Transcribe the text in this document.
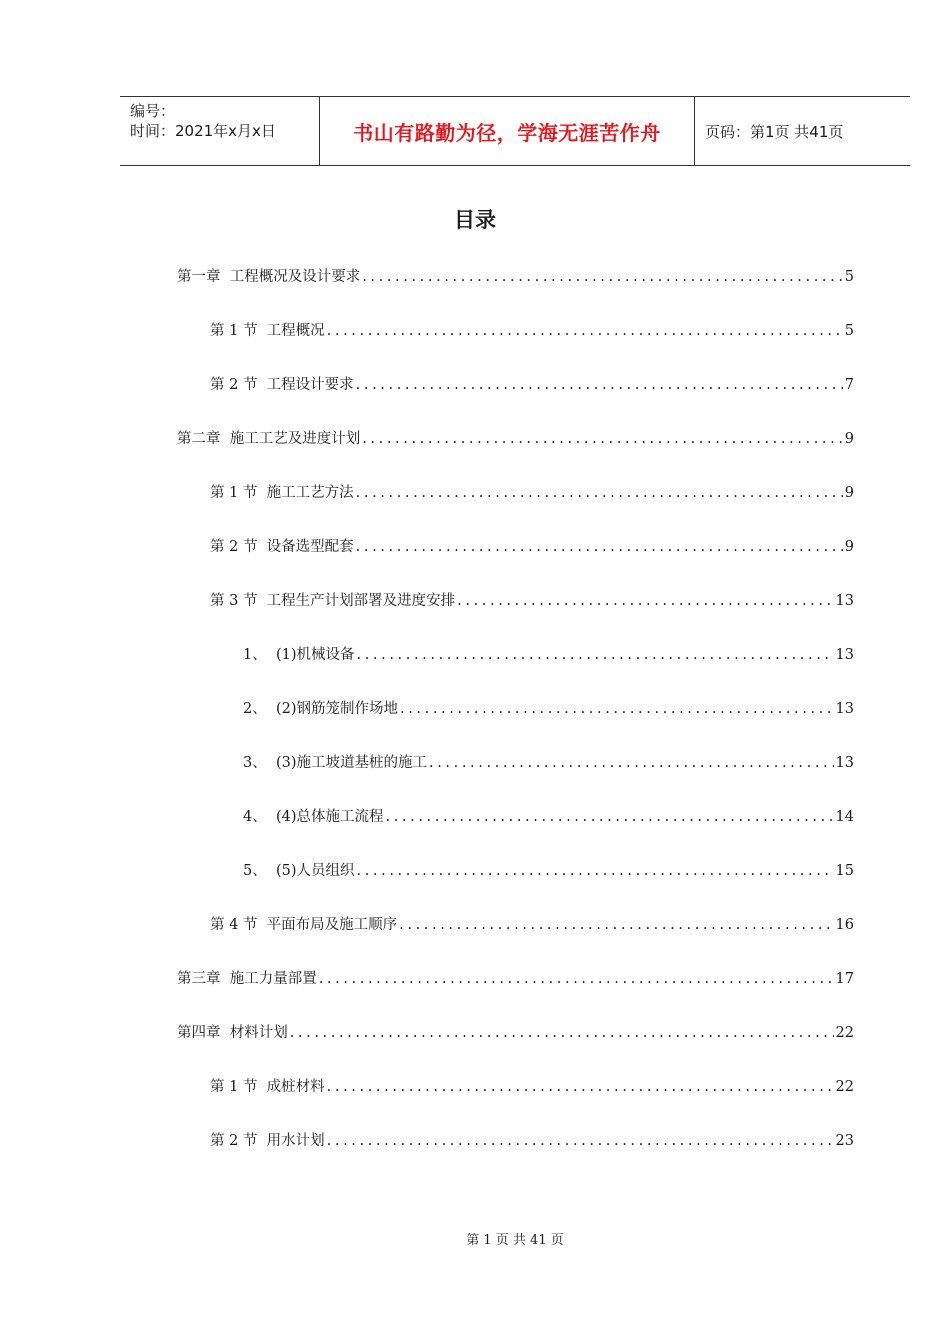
编号：
时间：2021年x月x日	书山有路勤为径，学海无涯苦作舟	页码：第1页 共41页
目录
第一章  工程概况及设计要求 .....	5
第 1 节  工程概况 .....	5
第 2 节  工程设计要求 .....	7
第二章  施工工艺及进度计划 .....	9
第 1 节  施工工艺方法 .....	9
第 2 节  设备选型配套 .....	9
第 3 节  工程生产计划部署及进度安排 .....	13
1、  (1)机械设备 .....	13
2、  (2)钢筋笼制作场地 .....	13
3、  (3)施工坡道基桩的施工 .....	13
4、  (4)总体施工流程 .....	14
5、  (5)人员组织 .....	15
第 4 节  平面布局及施工顺序 .....	16
第三章  施工力量部置 .....	17
第四章  材料计划 .....	22
第 1 节  成桩材料 .....	22
第 2 节  用水计划 .....	23
第 1 页 共 41 页
